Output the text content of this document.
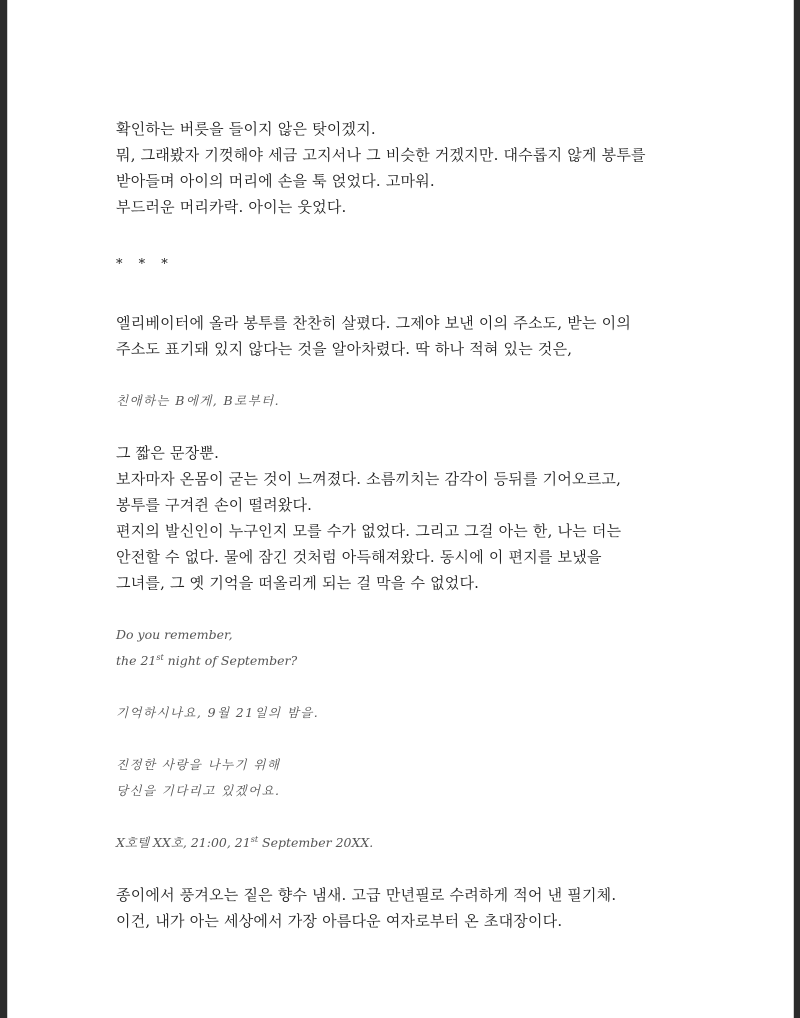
확인하는 버릇을 들이지 않은 탓이겠지.

뭐, 그래봤자 기껏해야 세금 고지서나 그 비슷한 거겠지만. 대수롭지 않게 봉투를

받아들며 아이의 머리에 손을 툭 얹었다. 고마워.

부드러운 머리카락. 아이는 웃었다.

* * *

엘리베이터에 올라 봉투를 찬찬히 살폈다. 그제야 보낸 이의 주소도, 받는 이의

주소도 표기돼 있지 않다는 것을 알아차렸다. 딱 하나 적혀 있는 것은,

친애하는 B에게, B로부터.

그 짧은 문장뿐.

보자마자 온몸이 굳는 것이 느껴졌다. 소름끼치는 감각이 등뒤를 기어오르고,

봉투를 구겨쥔 손이 떨려왔다.

편지의 발신인이 누구인지 모를 수가 없었다. 그리고 그걸 아는 한, 나는 더는

안전할 수 없다. 물에 잠긴 것처럼 아득해져왔다. 동시에 이 편지를 보냈을

그녀를, 그 옛 기억을 떠올리게 되는 걸 막을 수 없었다.

Do you remember,

the 21st night of September?

기억하시나요, 9월 21일의 밤을.

진정한 사랑을 나누기 위해

당신을 기다리고 있겠어요.

X호텔 XX호, 21:00, 21st September 20XX.

종이에서 풍겨오는 짙은 향수 냄새. 고급 만년필로 수려하게 적어 낸 필기체.

이건, 내가 아는 세상에서 가장 아름다운 여자로부터 온 초대장이다.
